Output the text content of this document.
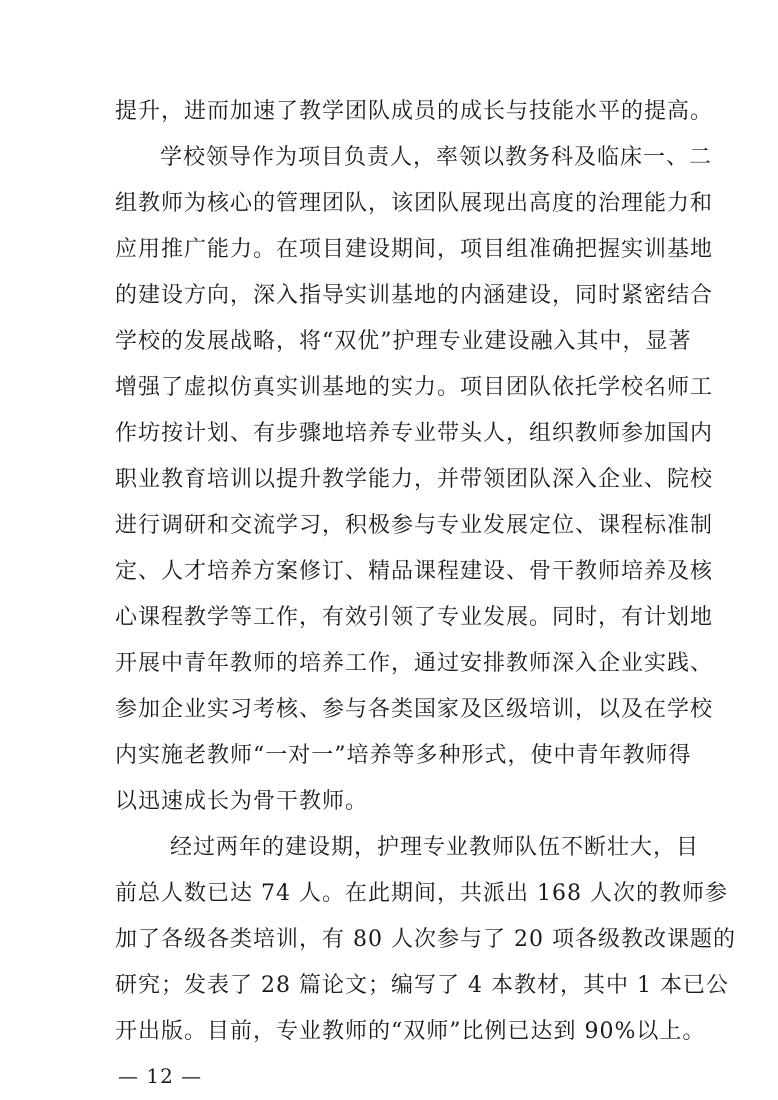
提升，进而加速了教学团队成员的成长与技能水平的提高。
学校领导作为项目负责人，率领以教务科及临床一、二
组教师为核心的管理团队，该团队展现出高度的治理能力和
应用推广能力。在项目建设期间，项目组准确把握实训基地
的建设方向，深入指导实训基地的内涵建设，同时紧密结合
学校的发展战略，将“双优”护理专业建设融入其中，显著
增强了虚拟仿真实训基地的实力。项目团队依托学校名师工
作坊按计划、有步骤地培养专业带头人，组织教师参加国内
职业教育培训以提升教学能力，并带领团队深入企业、院校
进行调研和交流学习，积极参与专业发展定位、课程标准制
定、人才培养方案修订、精品课程建设、骨干教师培养及核
心课程教学等工作，有效引领了专业发展。同时，有计划地
开展中青年教师的培养工作，通过安排教师深入企业实践、
参加企业实习考核、参与各类国家及区级培训，以及在学校
内实施老教师“一对一”培养等多种形式，使中青年教师得
以迅速成长为骨干教师。
经过两年的建设期，护理专业教师队伍不断壮大，目
前总人数已达 74 人。在此期间，共派出 168 人次的教师参
加了各级各类培训，有 80 人次参与了 20 项各级教改课题的
研究；发表了 28 篇论文；编写了 4 本教材，其中 1 本已公
开出版。目前，专业教师的“双师”比例已达到 90%以上。
— 12 —
